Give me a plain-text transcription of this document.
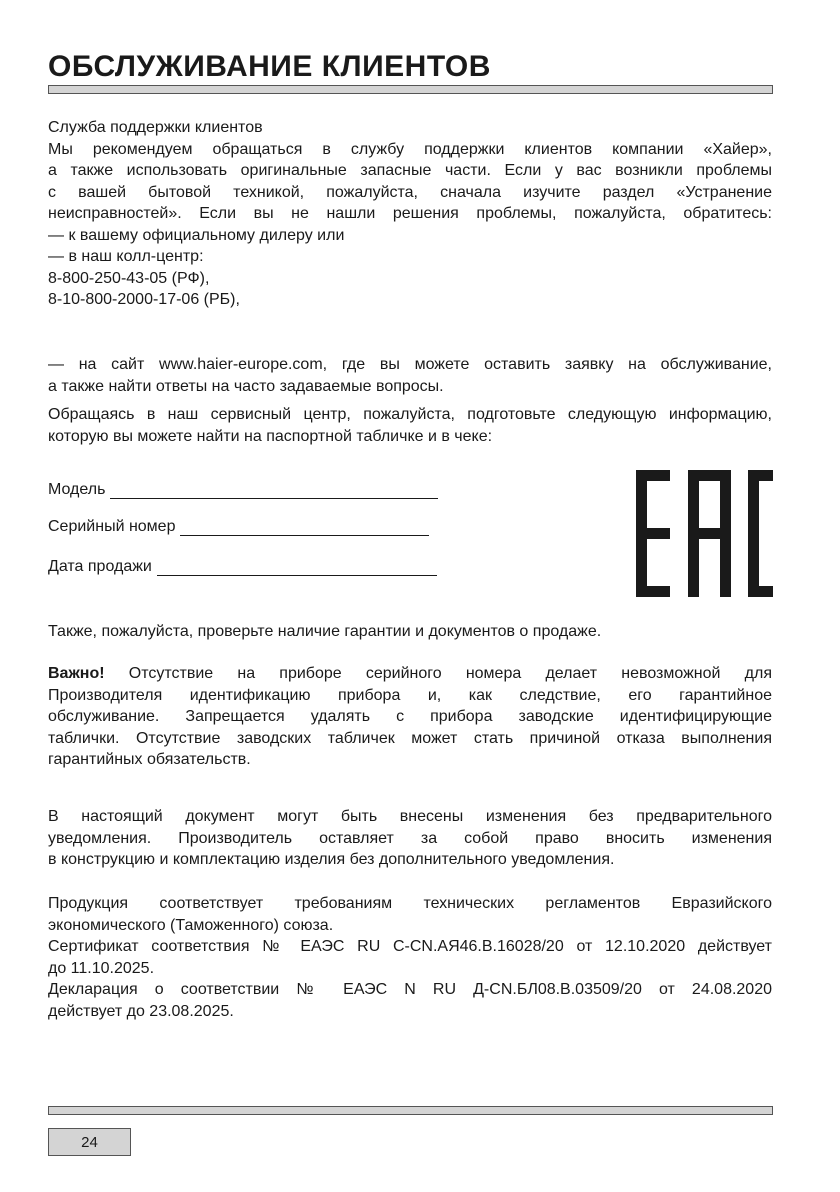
ОБСЛУЖИВАНИЕ КЛИЕНТОВ
Служба поддержки клиентов
Мы рекомендуем обращаться в службу поддержки клиентов компании «Хайер»,
а также использовать оригинальные запасные части. Если у вас возникли проблемы
с вашей бытовой техникой, пожалуйста, сначала изучите раздел «Устранение
неисправностей». Если вы не нашли решения проблемы, пожалуйста, обратитесь:
— к вашему официальному дилеру или
— в наш колл-центр:
8-800-250-43-05 (РФ),
8-10-800-2000-17-06 (РБ),
— на сайт www.haier-europe.com, где вы можете оставить заявку на обслуживание,
а также найти ответы на часто задаваемые вопросы.
Обращаясь в наш сервисный центр, пожалуйста, подготовьте следующую информацию,
которую вы можете найти на паспортной табличке и в чеке:
Модель
Серийный номер
Дата продажи
Также, пожалуйста, проверьте наличие гарантии и документов о продаже.
Важно! Отсутствие на приборе серийного номера делает невозможной для
Производителя идентификацию прибора и, как следствие, его гарантийное
обслуживание. Запрещается удалять с прибора заводские идентифицирующие
таблички. Отсутствие заводских табличек может стать причиной отказа выполнения
гарантийных обязательств.
В настоящий документ могут быть внесены изменения без предварительного
уведомления. Производитель оставляет за собой право вносить изменения
в конструкцию и комплектацию изделия без дополнительного уведомления.
Продукция соответствует требованиям технических регламентов Евразийского
экономического (Таможенного) союза.
Сертификат соответствия № ЕАЭС RU C-CN.АЯ46.В.16028/20 от 12.10.2020 действует
до 11.10.2025.
Декларация о соответствии № ЕАЭС N RU Д-CN.БЛ08.В.03509/20 от 24.08.2020
действует до 23.08.2025.
24
